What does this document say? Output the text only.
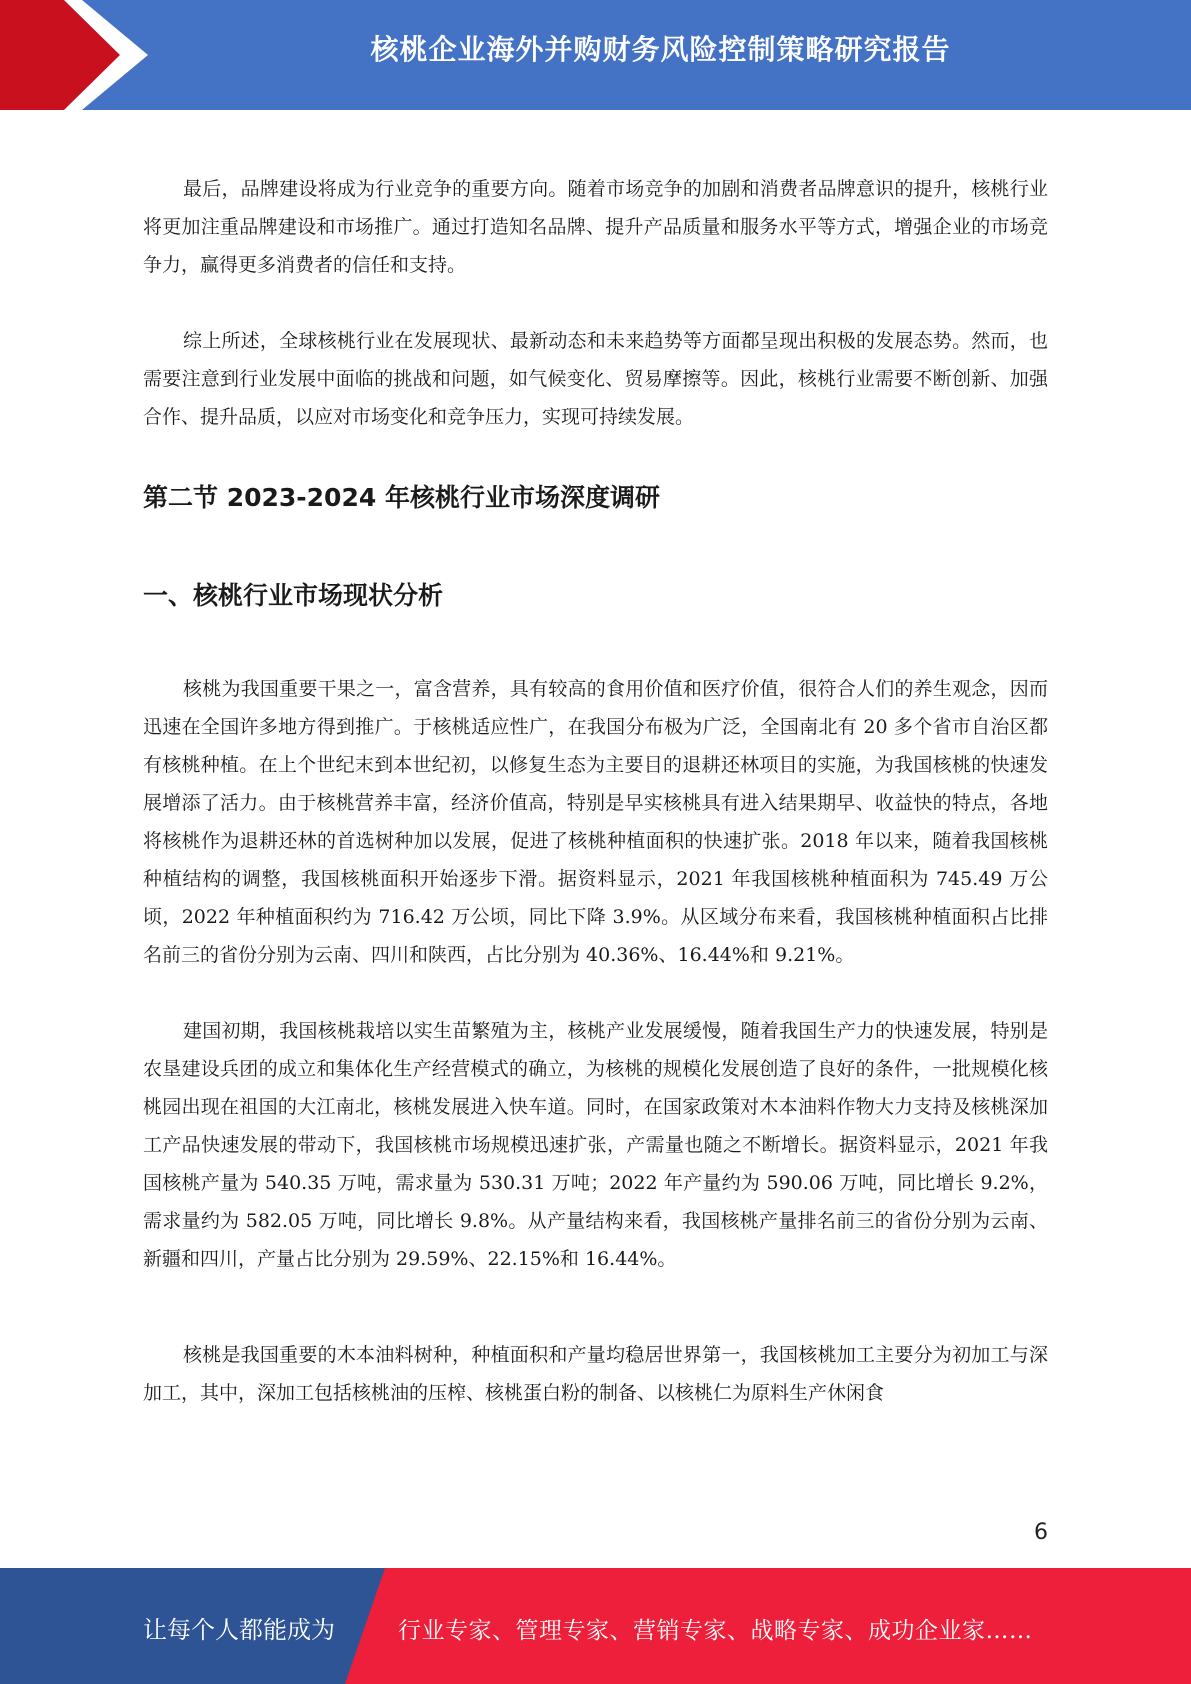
核桃企业海外并购财务风险控制策略研究报告

最后，品牌建设将成为行业竞争的重要方向。随着市场竞争的加剧和消费者品牌意识的提升，核桃行业将更加注重品牌建设和市场推广。通过打造知名品牌、提升产品质量和服务水平等方式，增强企业的市场竞争力，赢得更多消费者的信任和支持。

综上所述，全球核桃行业在发展现状、最新动态和未来趋势等方面都呈现出积极的发展态势。然而，也需要注意到行业发展中面临的挑战和问题，如气候变化、贸易摩擦等。因此，核桃行业需要不断创新、加强合作、提升品质，以应对市场变化和竞争压力，实现可持续发展。

第二节 2023-2024 年核桃行业市场深度调研
一、核桃行业市场现状分析

核桃为我国重要干果之一，富含营养，具有较高的食用价值和医疗价值，很符合人们的养生观念，因而迅速在全国许多地方得到推广。于核桃适应性广，在我国分布极为广泛，全国南北有 20 多个省市自治区都有核桃种植。在上个世纪末到本世纪初，以修复生态为主要目的退耕还林项目的实施，为我国核桃的快速发展增添了活力。由于核桃营养丰富，经济价值高，特别是早实核桃具有进入结果期早、收益快的特点，各地将核桃作为退耕还林的首选树种加以发展，促进了核桃种植面积的快速扩张。2018 年以来，随着我国核桃种植结构的调整，我国核桃面积开始逐步下滑。据资料显示，2021 年我国核桃种植面积为 745.49 万公顷，2022 年种植面积约为 716.42 万公顷，同比下降 3.9%。从区域分布来看，我国核桃种植面积占比排名前三的省份分别为云南、四川和陕西，占比分别为 40.36%、16.44%和 9.21%。

建国初期，我国核桃栽培以实生苗繁殖为主，核桃产业发展缓慢，随着我国生产力的快速发展，特别是农垦建设兵团的成立和集体化生产经营模式的确立，为核桃的规模化发展创造了良好的条件，一批规模化核桃园出现在祖国的大江南北，核桃发展进入快车道。同时，在国家政策对木本油料作物大力支持及核桃深加工产品快速发展的带动下，我国核桃市场规模迅速扩张，产需量也随之不断增长。据资料显示，2021 年我国核桃产量为 540.35 万吨，需求量为 530.31 万吨；2022 年产量约为 590.06 万吨，同比增长 9.2%，需求量约为 582.05 万吨，同比增长 9.8%。从产量结构来看，我国核桃产量排名前三的省份分别为云南、新疆和四川，产量占比分别为 29.59%、22.15%和 16.44%。

核桃是我国重要的木本油料树种，种植面积和产量均稳居世界第一，我国核桃加工主要分为初加工与深加工，其中，深加工包括核桃油的压榨、核桃蛋白粉的制备、以核桃仁为原料生产休闲食

6
让每个人都能成为	行业专家、管理专家、营销专家、战略专家、成功企业家……
